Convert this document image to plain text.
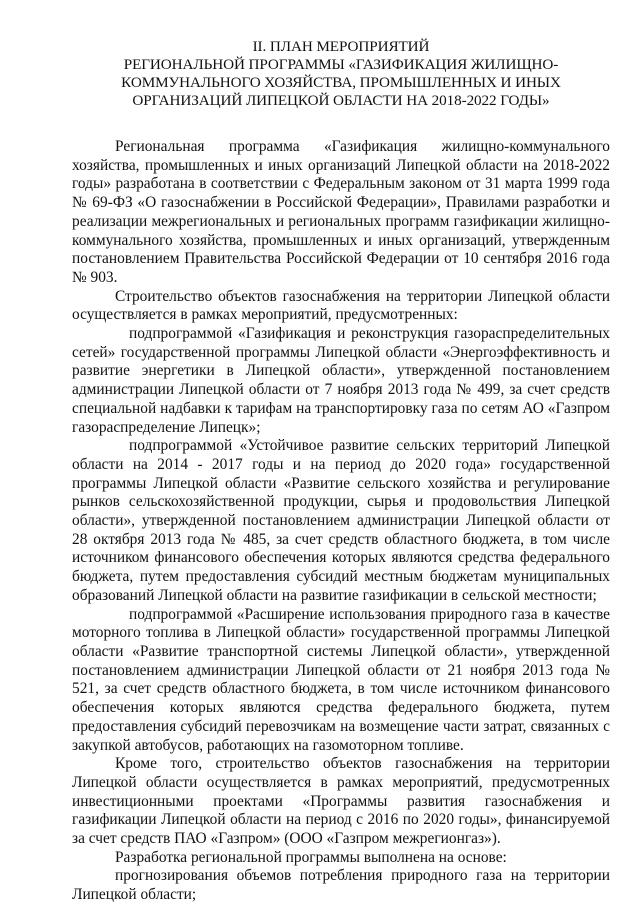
II. ПЛАН МЕРОПРИЯТИЙ
РЕГИОНАЛЬНОЙ ПРОГРАММЫ «ГАЗИФИКАЦИЯ ЖИЛИЩНО-
КОММУНАЛЬНОГО ХОЗЯЙСТВА, ПРОМЫШЛЕННЫХ И ИНЫХ
ОРГАНИЗАЦИЙ ЛИПЕЦКОЙ ОБЛАСТИ НА 2018-2022 ГОДЫ»

Региональная программа «Газификация жилищно-коммунального хозяйства, промышленных и иных организаций Липецкой области на 2018-2022 годы» разработана в соответствии с Федеральным законом от 31 марта 1999 года № 69-ФЗ «О газоснабжении в Российской Федерации», Правилами разработки и реализации межрегиональных и региональных программ газификации жилищно-коммунального хозяйства, промышленных и иных организаций, утвержденным постановлением Правительства Российской Федерации от 10 сентября 2016 года № 903.

Строительство объектов газоснабжения на территории Липецкой области осуществляется в рамках мероприятий, предусмотренных:

подпрограммой «Газификация и реконструкция газораспределительных сетей» государственной программы Липецкой области «Энергоэффективность и развитие энергетики в Липецкой области», утвержденной постановлением администрации Липецкой области от 7 ноября 2013 года № 499, за счет средств специальной надбавки к тарифам на транспортировку газа по сетям АО «Газпром газораспределение Липецк»;

подпрограммой «Устойчивое развитие сельских территорий Липецкой области на 2014 - 2017 годы и на период до 2020 года» государственной программы Липецкой области «Развитие сельского хозяйства и регулирование рынков сельскохозяйственной продукции, сырья и продовольствия Липецкой области», утвержденной постановлением администрации Липецкой области от 28 октября 2013 года № 485, за счет средств областного бюджета, в том числе источником финансового обеспечения которых являются средства федерального бюджета, путем предоставления субсидий местным бюджетам муниципальных образований Липецкой области на развитие газификации в сельской местности;

подпрограммой «Расширение использования природного газа в качестве моторного топлива в Липецкой области» государственной программы Липецкой области «Развитие транспортной системы Липецкой области», утвержденной постановлением администрации Липецкой области от 21 ноября 2013 года № 521, за счет средств областного бюджета, в том числе источником финансового обеспечения которых являются средства федерального бюджета, путем предоставления субсидий перевозчикам на возмещение части затрат, связанных с закупкой автобусов, работающих на газомоторном топливе.

Кроме того, строительство объектов газоснабжения на территории Липецкой области осуществляется в рамках мероприятий, предусмотренных инвестиционными проектами «Программы развития газоснабжения и газификации Липецкой области на период с 2016 по 2020 годы», финансируемой за счет средств ПАО «Газпром» (ООО «Газпром межрегионгаз»).

Разработка региональной программы выполнена на основе:

прогнозирования объемов потребления природного газа на территории Липецкой области;
